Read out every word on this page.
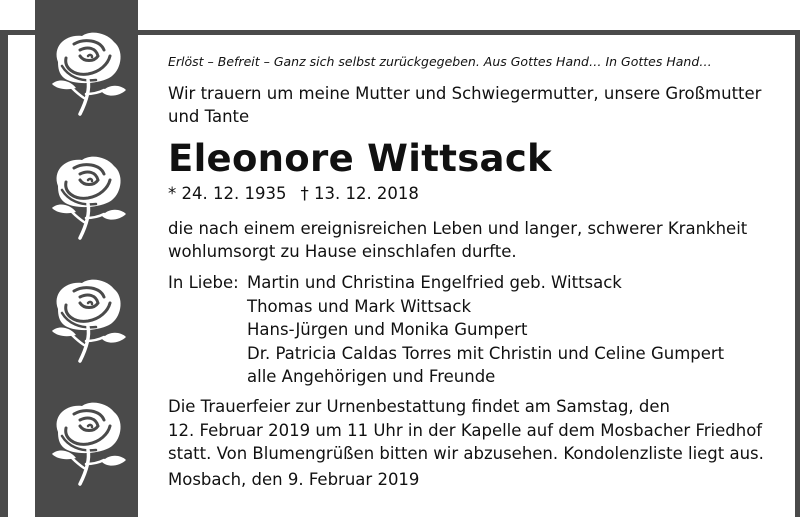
Erlöst – Befreit – Ganz sich selbst zurückgegeben. Aus Gottes Hand… In Gottes Hand…
Wir trauern um meine Mutter und Schwiegermutter, unsere Großmutter
und Tante
Eleonore Wittsack
* 24. 12. 1935 † 13. 12. 2018
die nach einem ereignisreichen Leben und langer, schwerer Krankheit
wohlumsorgt zu Hause einschlafen durfte.
In Liebe: Martin und Christina Engelfried geb. Wittsack
Thomas und Mark Wittsack
Hans-Jürgen und Monika Gumpert
Dr. Patricia Caldas Torres mit Christin und Celine Gumpert
alle Angehörigen und Freunde
Die Trauerfeier zur Urnenbestattung findet am Samstag, den
12. Februar 2019 um 11 Uhr in der Kapelle auf dem Mosbacher Friedhof
statt. Von Blumengrüßen bitten wir abzusehen. Kondolenzliste liegt aus.
Mosbach, den 9. Februar 2019
